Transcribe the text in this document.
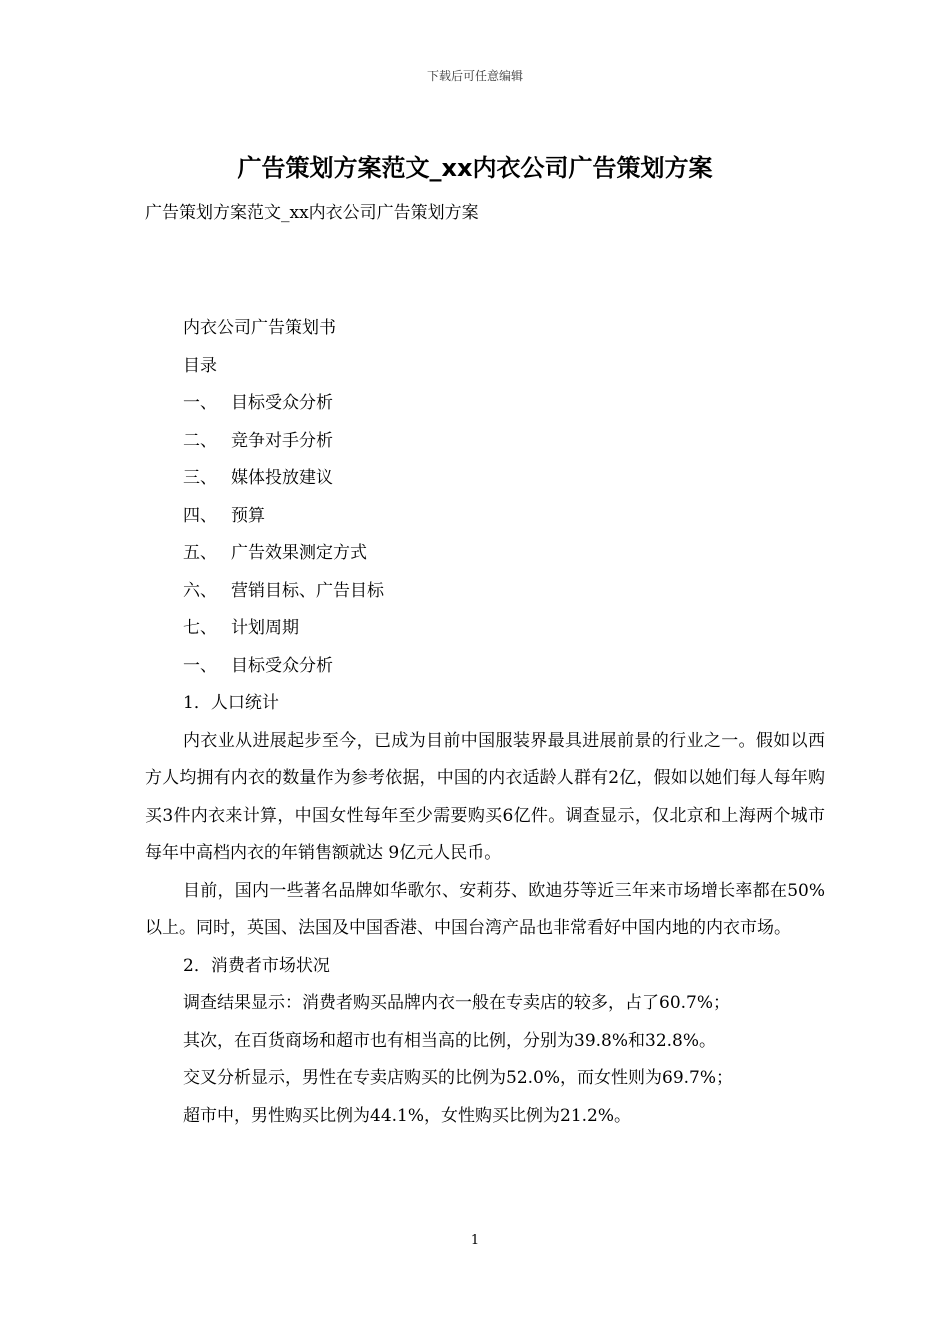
下载后可任意编辑
广告策划方案范文_xx内衣公司广告策划方案
广告策划方案范文_xx内衣公司广告策划方案
内衣公司广告策划书
目录
一、 目标受众分析
二、 竞争对手分析
三、 媒体投放建议
四、 预算
五、 广告效果测定方式
六、 营销目标、广告目标
七、 计划周期
一、 目标受众分析
1．人口统计
内衣业从进展起步至今，已成为目前中国服装界最具进展前景的行业之一。假如以西方人均拥有内衣的数量作为参考依据，中国的内衣适龄人群有2亿，假如以她们每人每年购买3件内衣来计算，中国女性每年至少需要购买6亿件。调查显示，仅北京和上海两个城市每年中高档内衣的年销售额就达 9亿元人民币。
目前，国内一些著名品牌如华歌尔、安莉芬、欧迪芬等近三年来市场增长率都在50%以上。同时，英国、法国及中国香港、中国台湾产品也非常看好中国内地的内衣市场。
2．消费者市场状况
调查结果显示：消费者购买品牌内衣一般在专卖店的较多，占了60.7%；
其次，在百货商场和超市也有相当高的比例，分别为39.8%和32.8%。
交叉分析显示，男性在专卖店购买的比例为52.0%，而女性则为69.7%；
超市中，男性购买比例为44.1%，女性购买比例为21.2%。
1
